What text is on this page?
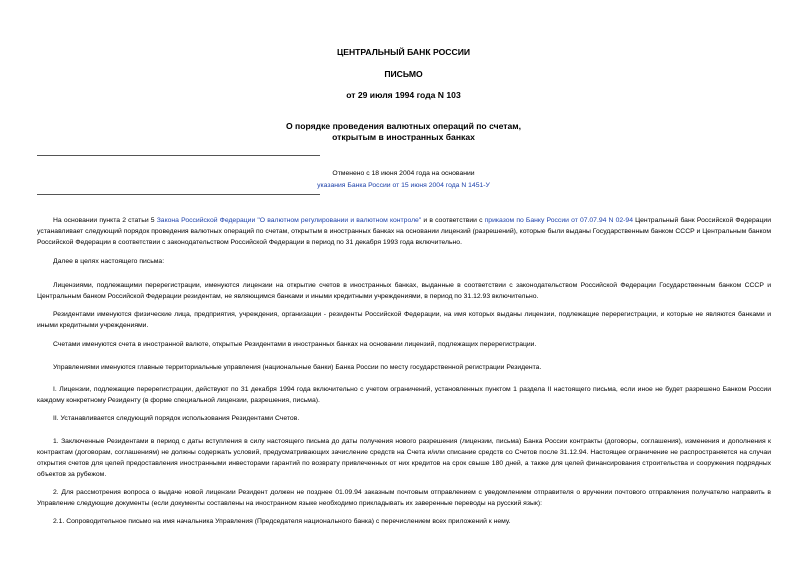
ЦЕНТРАЛЬНЫЙ БАНК РОССИИ
ПИСЬМО
от 29 июля 1994 года N 103
О порядке проведения валютных операций по счетам,
открытым в иностранных банках
Отменено с 18 июня 2004 года на основании
указания Банка России от 15 июня 2004 года N 1451-У

На основании пункта 2 статьи 5 Закона Российской Федерации "О валютном регулировании и валютном контроле" и в соответствии с приказом по Банку России от 07.07.94 N 02-94 Центральный банк Российской Федерации устанавливает следующий порядок проведения валютных операций по счетам, открытым в иностранных банках на основании лицензий (разрешений), которые были выданы Государственным банком СССР и Центральным банком Российской Федерации в соответствии с законодательством Российской Федерации в период по 31 декабря 1993 года включительно.

Далее в целях настоящего письма:

Лицензиями, подлежащими перерегистрации, именуются лицензии на открытие счетов в иностранных банках, выданные в соответствии с законодательством Российской Федерации Государственным банком СССР и Центральным банком Российской Федерации резидентам, не являющимся банками и иными кредитными учреждениями, в период по 31.12.93 включительно.

Резидентами именуются физические лица, предприятия, учреждения, организации - резиденты Российской Федерации, на имя которых выданы лицензии, подлежащие перерегистрации, и которые не являются банками и иными кредитными учреждениями.

Счетами именуются счета в иностранной валюте, открытые Резидентами в иностранных банках на основании лицензий, подлежащих перерегистрации.

Управлениями именуются главные территориальные управления (национальные банки) Банка России по месту государственной регистрации Резидента.

I. Лицензии, подлежащие перерегистрации, действуют по 31 декабря 1994 года включительно с учетом ограничений, установленных пунктом 1 раздела II настоящего письма, если иное не будет разрешено Банком России каждому конкретному Резиденту (в форме специальной лицензии, разрешения, письма).

II. Устанавливается следующий порядок использования Резидентами Счетов.

1. Заключенные Резидентами в период с даты вступления в силу настоящего письма до даты получения нового разрешения (лицензии, письма) Банка России контракты (договоры, соглашения), изменения и дополнения к контрактам (договорам, соглашениям) не должны содержать условий, предусматривающих зачисление средств на Счета и/или списание средств со Счетов после 31.12.94. Настоящее ограничение не распространяется на случаи открытия счетов для целей предоставления иностранными инвесторами гарантий по возврату привлеченных от них кредитов на срок свыше 180 дней, а также для целей финансирования строительства и сооружения подрядных объектов за рубежом.

2. Для рассмотрения вопроса о выдаче новой лицензии Резидент должен не позднее 01.09.94 заказным почтовым отправлением с уведомлением отправителя о вручении почтового отправления получателю направить в Управление следующие документы (если документы составлены на иностранном языке необходимо прикладывать их заверенные переводы на русский язык):

2.1. Сопроводительное письмо на имя начальника Управления (Председателя национального банка) с перечислением всех приложений к нему.
